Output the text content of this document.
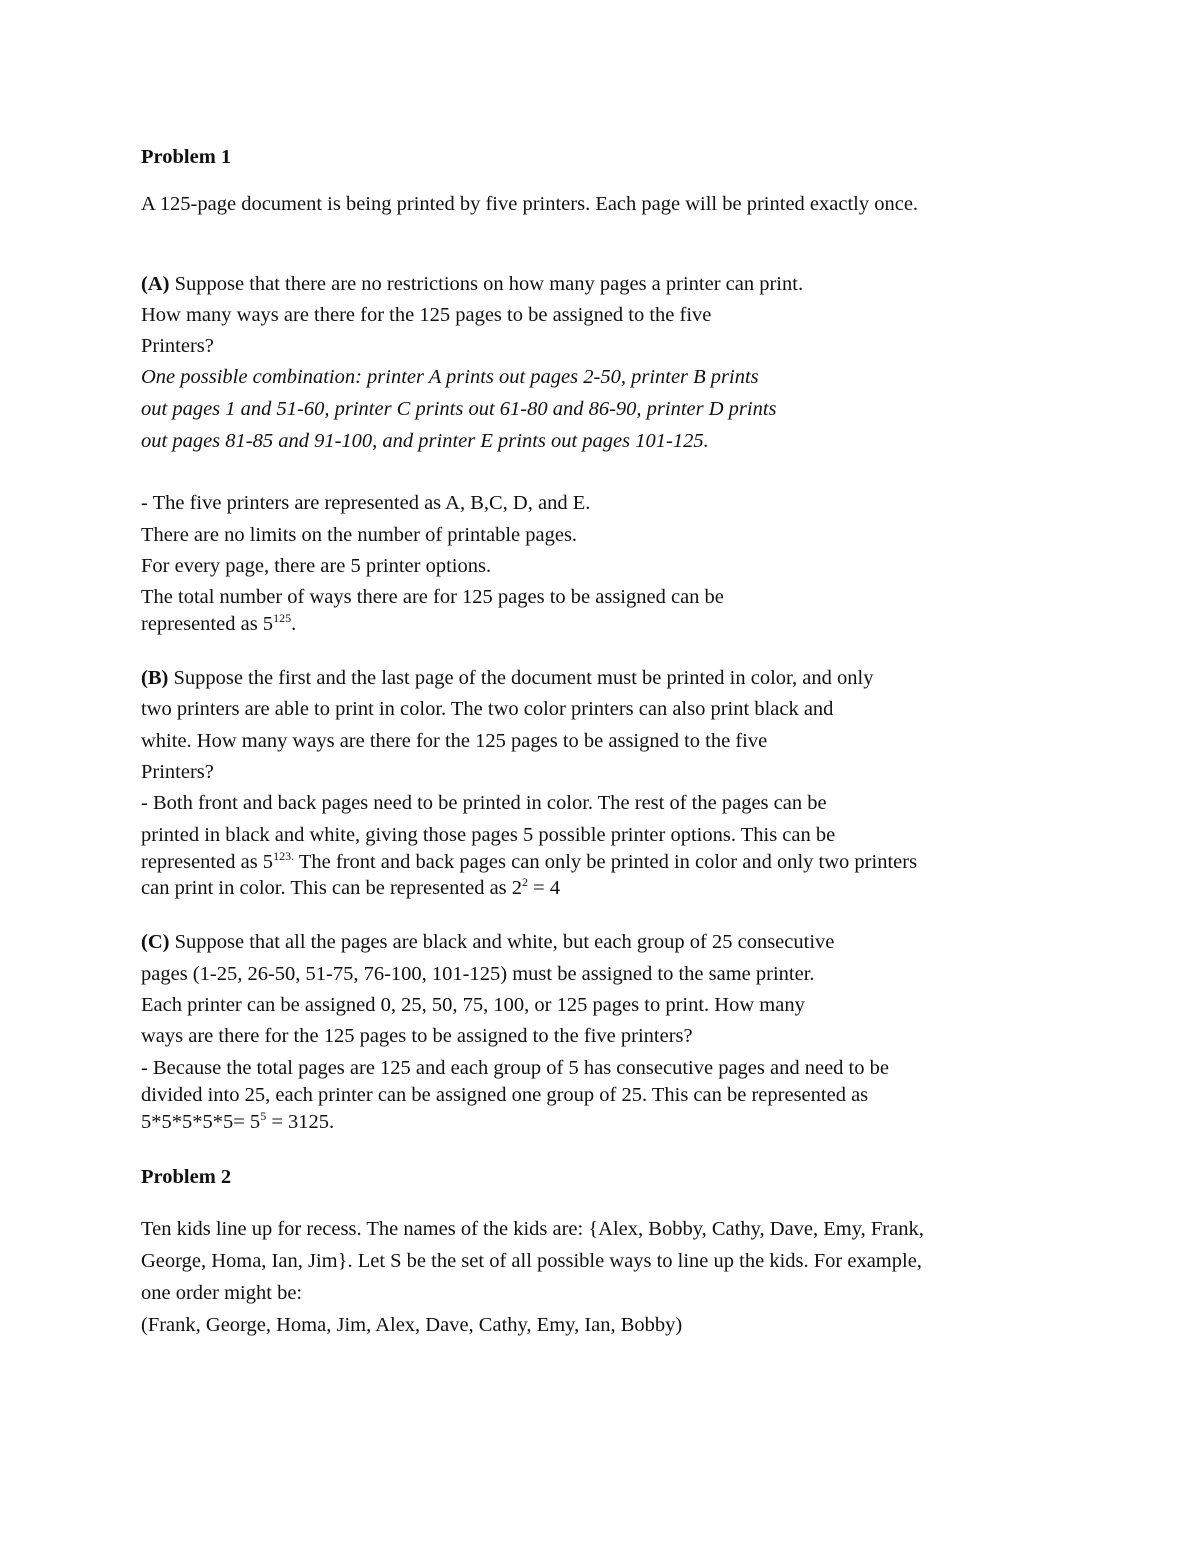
Problem 1
A 125-page document is being printed by five printers. Each page will be printed exactly once.
(A) Suppose that there are no restrictions on how many pages a printer can print.
How many ways are there for the 125 pages to be assigned to the five
Printers?
One possible combination: printer A prints out pages 2-50, printer B prints
out pages 1 and 51-60, printer C prints out 61-80 and 86-90, printer D prints
out pages 81-85 and 91-100, and printer E prints out pages 101-125.
- The five printers are represented as A, B,C, D, and E.
There are no limits on the number of printable pages.
For every page, there are 5 printer options.
The total number of ways there are for 125 pages to be assigned can be
represented as $5^{125}$.
(B) Suppose the first and the last page of the document must be printed in color, and only
two printers are able to print in color. The two color printers can also print black and
white. How many ways are there for the 125 pages to be assigned to the five
Printers?
- Both front and back pages need to be printed in color. The rest of the pages can be
printed in black and white, giving those pages 5 possible printer options. This can be
represented as $5^{123.}$ The front and back pages can only be printed in color and only two printers
can print in color. This can be represented as $2^2 = 4$
(C) Suppose that all the pages are black and white, but each group of 25 consecutive
pages (1-25, 26-50, 51-75, 76-100, 101-125) must be assigned to the same printer.
Each printer can be assigned 0, 25, 50, 75, 100, or 125 pages to print. How many
ways are there for the 125 pages to be assigned to the five printers?
- Because the total pages are 125 and each group of 5 has consecutive pages and need to be
divided into 25, each printer can be assigned one group of 25. This can be represented as
$5*5*5*5*5= 5^5 = 3125$.
Problem 2
Ten kids line up for recess. The names of the kids are: {Alex, Bobby, Cathy, Dave, Emy, Frank,
George, Homa, Ian, Jim}. Let S be the set of all possible ways to line up the kids. For example,
one order might be:
(Frank, George, Homa, Jim, Alex, Dave, Cathy, Emy, Ian, Bobby)
